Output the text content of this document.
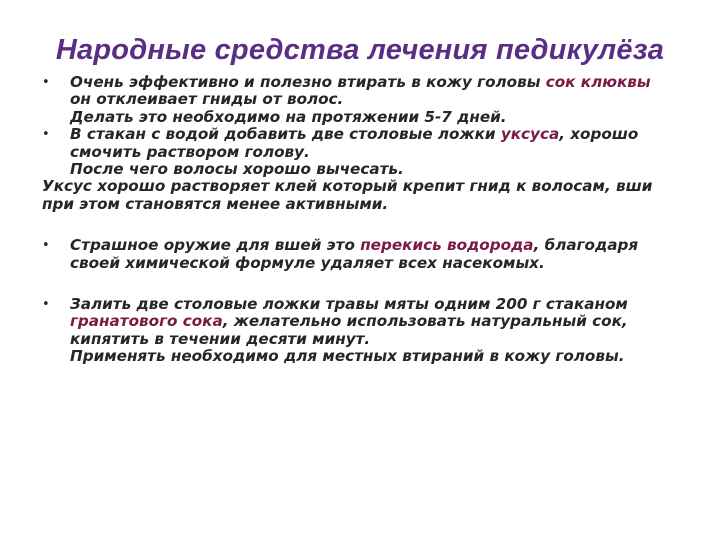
Народные средства лечения педикулёза
• Очень эффективно и полезно втирать в кожу головы сок клюквы он отклеивает гниды от волос.
Делать это необходимо на протяжении 5-7 дней.
• В стакан с водой добавить две столовые ложки уксуса, хорошо смочить раствором голову.
После чего волосы хорошо вычесать.
Уксус хорошо растворяет клей который крепит гнид к волосам, вши при этом становятся менее активными.
• Страшное оружие для вшей это перекись водорода, благодаря своей химической формуле удаляет всех насекомых.
• Залить две столовые ложки травы мяты одним 200 г стаканом гранатового сока, желательно использовать натуральный сок, кипятить в течении десяти минут.
Применять необходимо для местных втираний в кожу головы.
